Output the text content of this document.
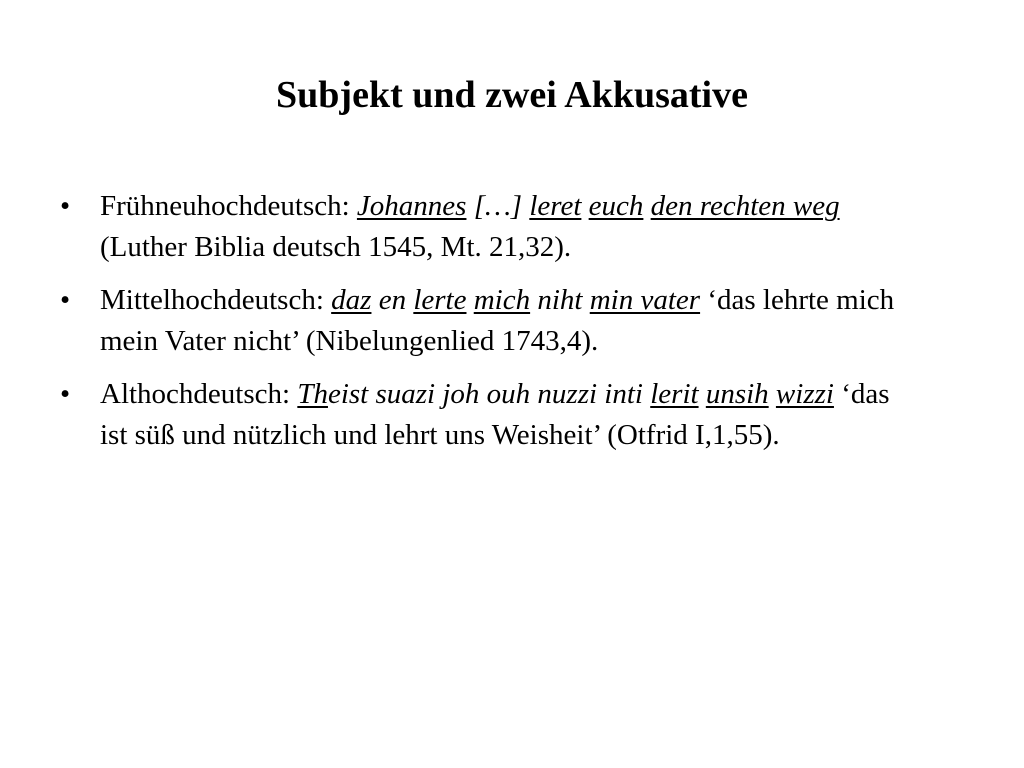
Subjekt und zwei Akkusative
•	Frühneuhochdeutsch: Johannes […] leret euch den rechten weg (Luther Biblia deutsch 1545, Mt. 21,32).
•	Mittelhochdeutsch: daz en lerte mich niht min vater ‘das lehrte mich mein Vater nicht’ (Nibelungenlied 1743,4).
•	Althochdeutsch: Theist suazi joh ouh nuzzi inti lerit unsih wizzi ‘das ist süß und nützlich und lehrt uns Weisheit’ (Otfrid I,1,55).
